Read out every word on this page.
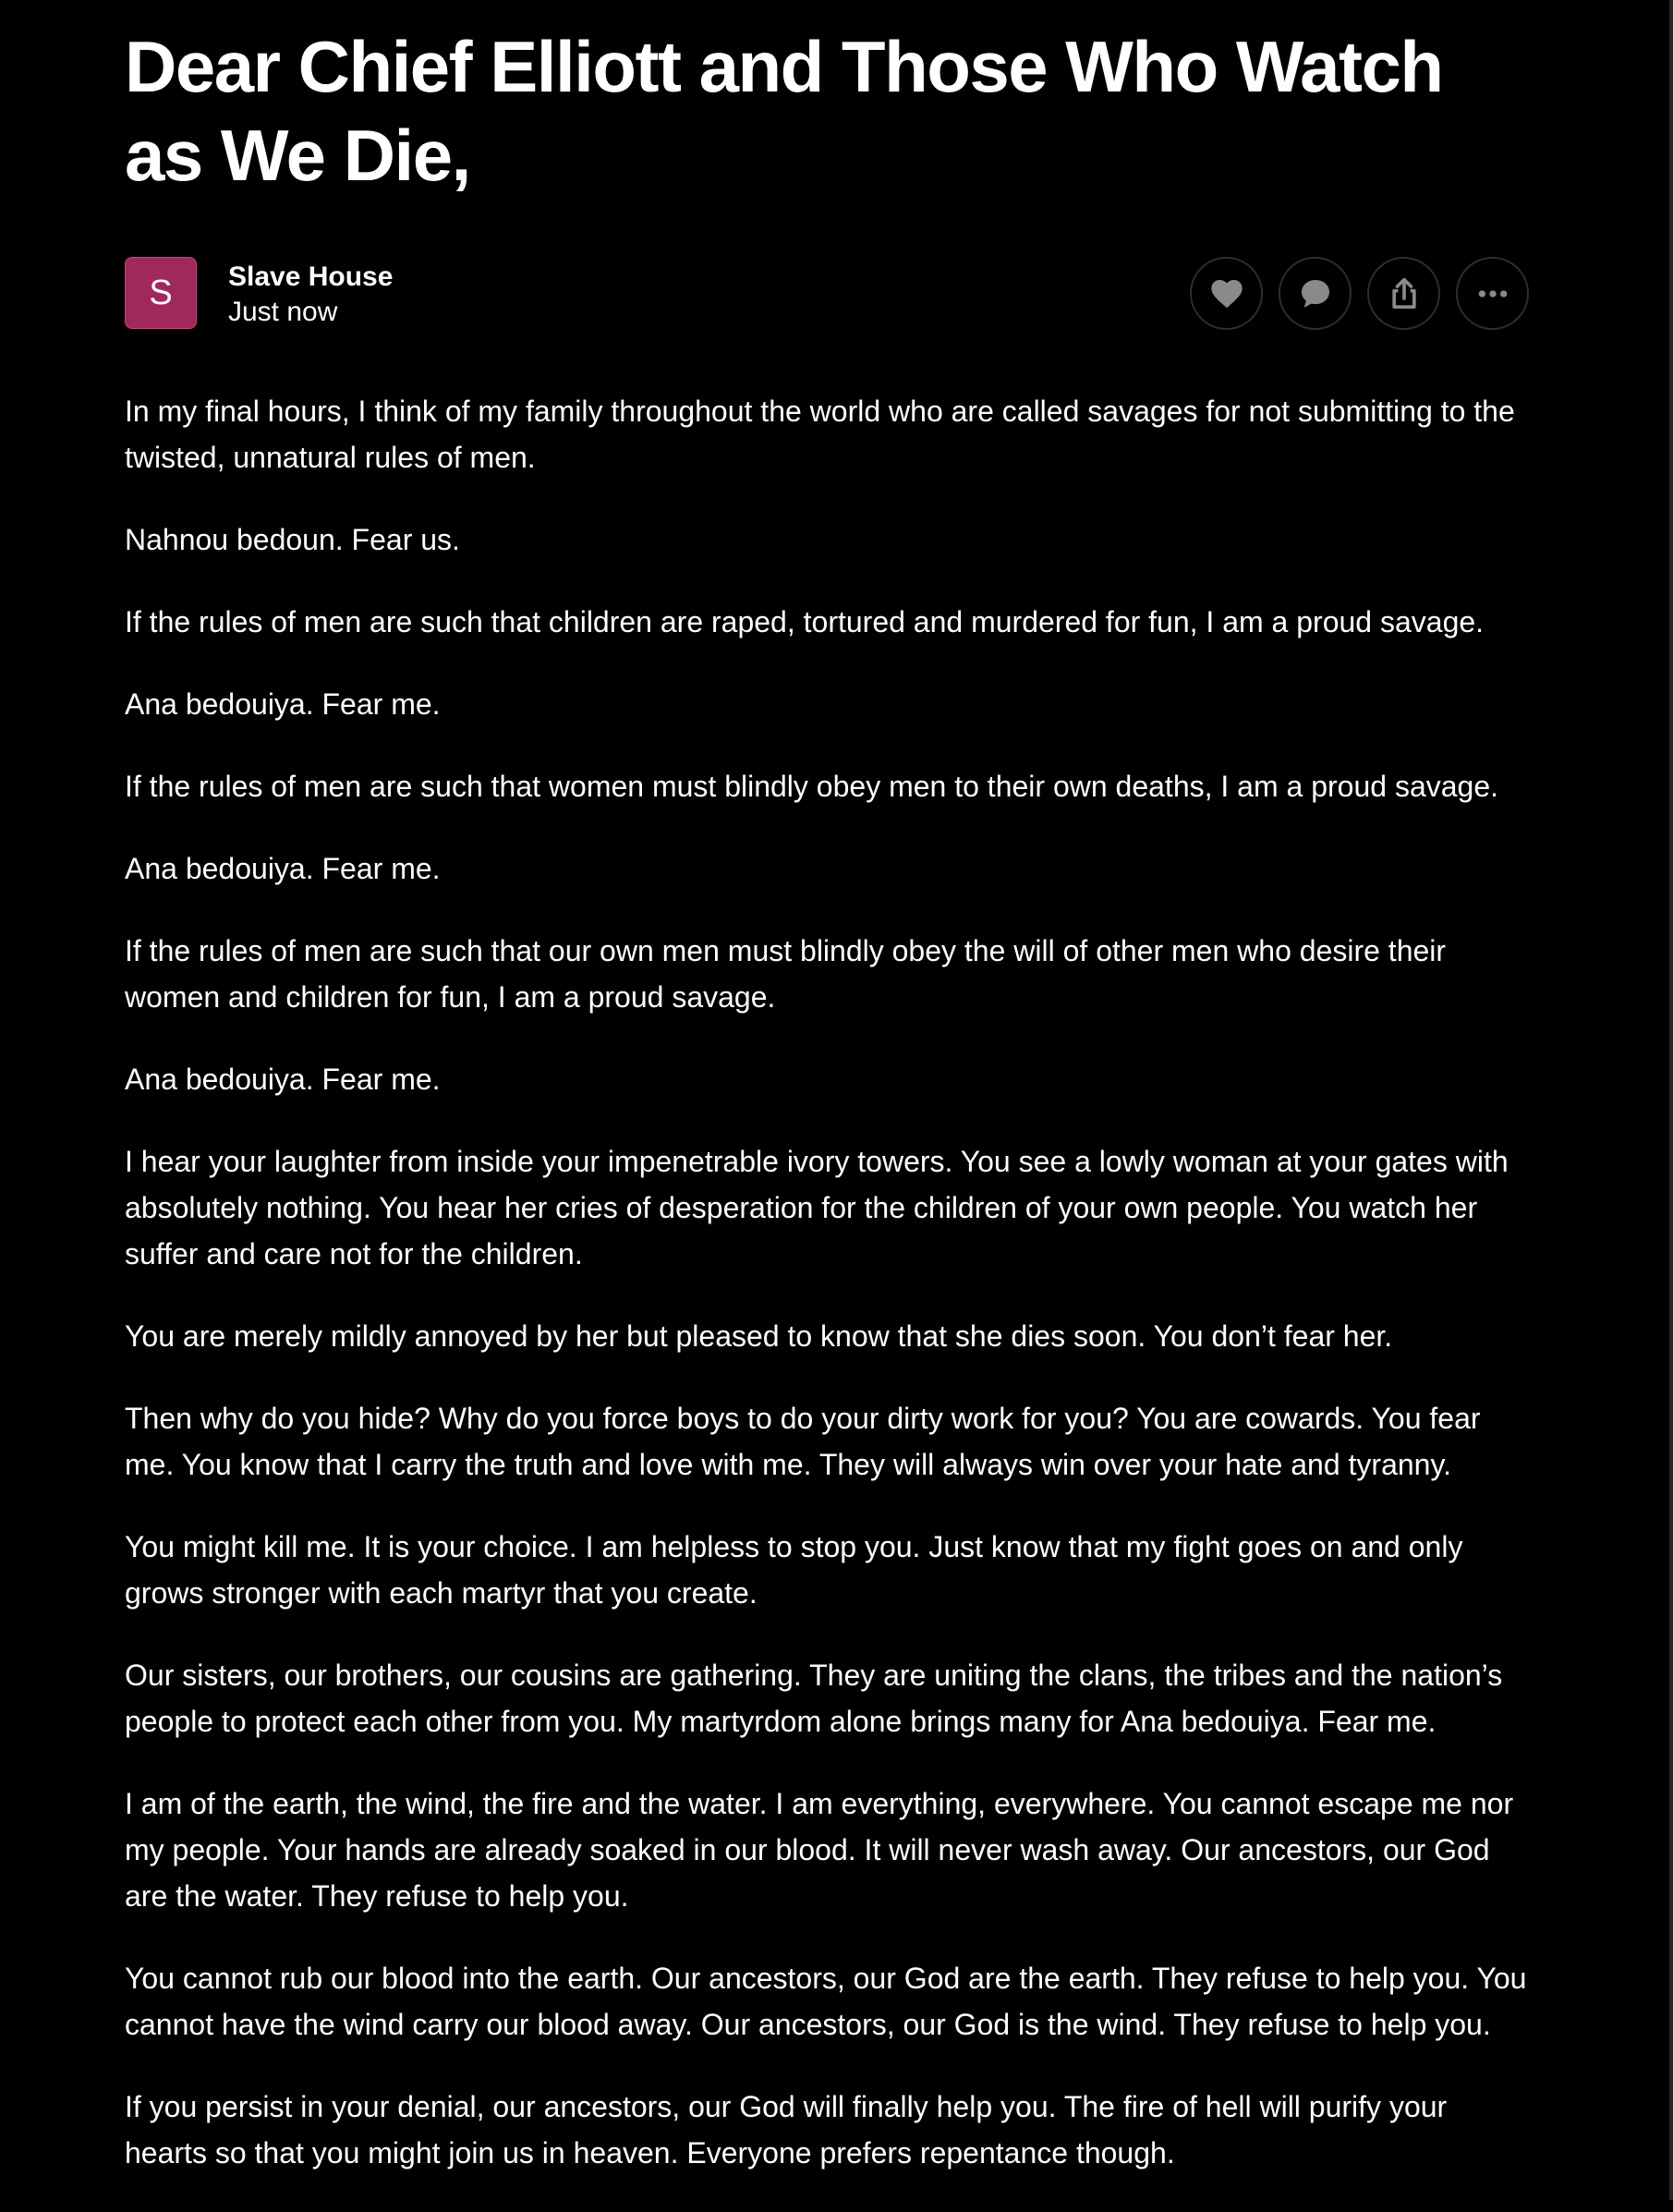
Dear Chief Elliott and Those Who Watch as We Die,
S Slave House
Just now

In my final hours, I think of my family throughout the world who are called savages for not submitting to the twisted, unnatural rules of men.

Nahnou bedoun. Fear us.

If the rules of men are such that children are raped, tortured and murdered for fun, I am a proud savage.

Ana bedouiya. Fear me.

If the rules of men are such that women must blindly obey men to their own deaths, I am a proud savage.

Ana bedouiya. Fear me.

If the rules of men are such that our own men must blindly obey the will of other men who desire their women and children for fun, I am a proud savage.

Ana bedouiya. Fear me.

I hear your laughter from inside your impenetrable ivory towers. You see a lowly woman at your gates with absolutely nothing. You hear her cries of desperation for the children of your own people. You watch her suffer and care not for the children.

You are merely mildly annoyed by her but pleased to know that she dies soon. You don’t fear her.

Then why do you hide? Why do you force boys to do your dirty work for you? You are cowards. You fear me. You know that I carry the truth and love with me. They will always win over your hate and tyranny.

You might kill me. It is your choice. I am helpless to stop you. Just know that my fight goes on and only grows stronger with each martyr that you create.

Our sisters, our brothers, our cousins are gathering. They are uniting the clans, the tribes and the nation’s people to protect each other from you. My martyrdom alone brings many for Ana bedouiya. Fear me.

I am of the earth, the wind, the fire and the water. I am everything, everywhere. You cannot escape me nor my people. Your hands are already soaked in our blood. It will never wash away. Our ancestors, our God are the water. They refuse to help you.

You cannot rub our blood into the earth. Our ancestors, our God are the earth. They refuse to help you. You cannot have the wind carry our blood away. Our ancestors, our God is the wind. They refuse to help you.

If you persist in your denial, our ancestors, our God will finally help you. The fire of hell will purify your hearts so that you might join us in heaven. Everyone prefers repentance though.
